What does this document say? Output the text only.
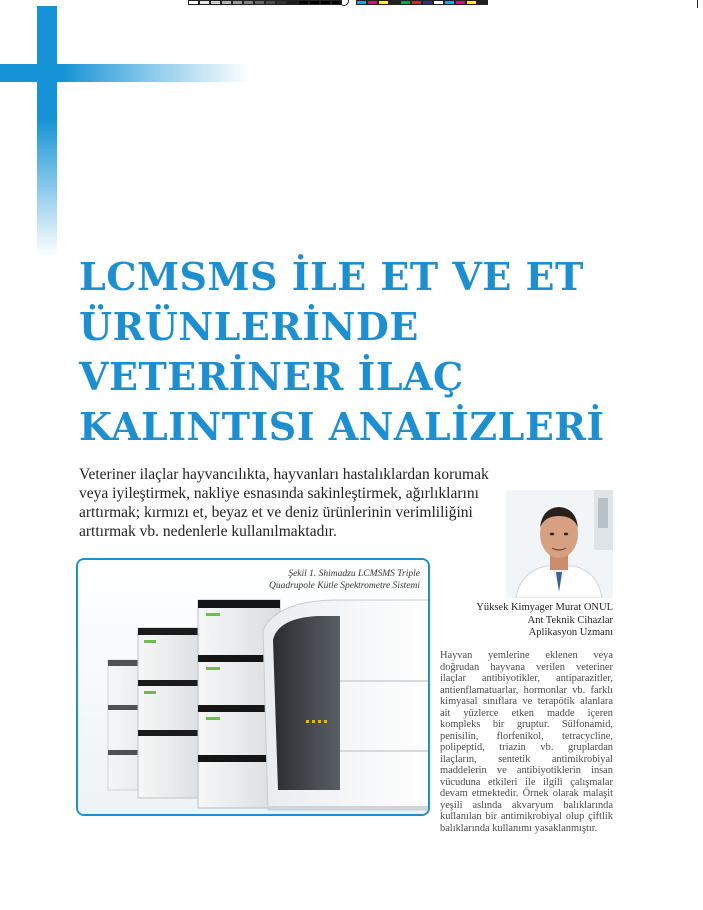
LCMSMS İLE ET VE ET
ÜRÜNLERİNDE
VETERİNER İLAÇ
KALINTISI ANALİZLERİ

Veteriner ilaçlar hayvancılıkta, hayvanları hastalıklardan korumak veya iyileştirmek, nakliye esnasında sakinleştirmek, ağırlıklarını arttırmak; kırmızı et, beyaz et ve deniz ürünlerinin verimliliğini arttırmak vb. nedenlerle kullanılmaktadır.

Şekil 1. Shimadzu LCMSMS Triple
Quadrupole Kütle Spektrometre Sistemi
Yüksek Kimyager Murat ONUL
Ant Teknik Cihazlar
Aplikasyon Uzmanı

Hayvan yemlerine eklenen veya doğrudan hayvana verilen veteriner ilaçlar antibiyotikler, antiparazitler, antienflamatuarlar, hormonlar vb. farklı kimyasal sınıflara ve terapötik alanlara ait yüzlerce etken madde içeren kompleks bir gruptur. Sülfonamid, penisilin, florfenikol, tetracycline, polipeptid, triazin vb. gruplardan ilaçların, sentetik antimikrobiyal maddelerin ve antibiyotiklerin insan vücuduna etkileri ile ilgili çalışmalar devam etmektedir. Örnek olarak malaşit yeşili aslında akvaryum balıklarında kullanılan bir antimikrobiyal olup çiftlik balıklarında kullanımı yasaklanmıştır.
